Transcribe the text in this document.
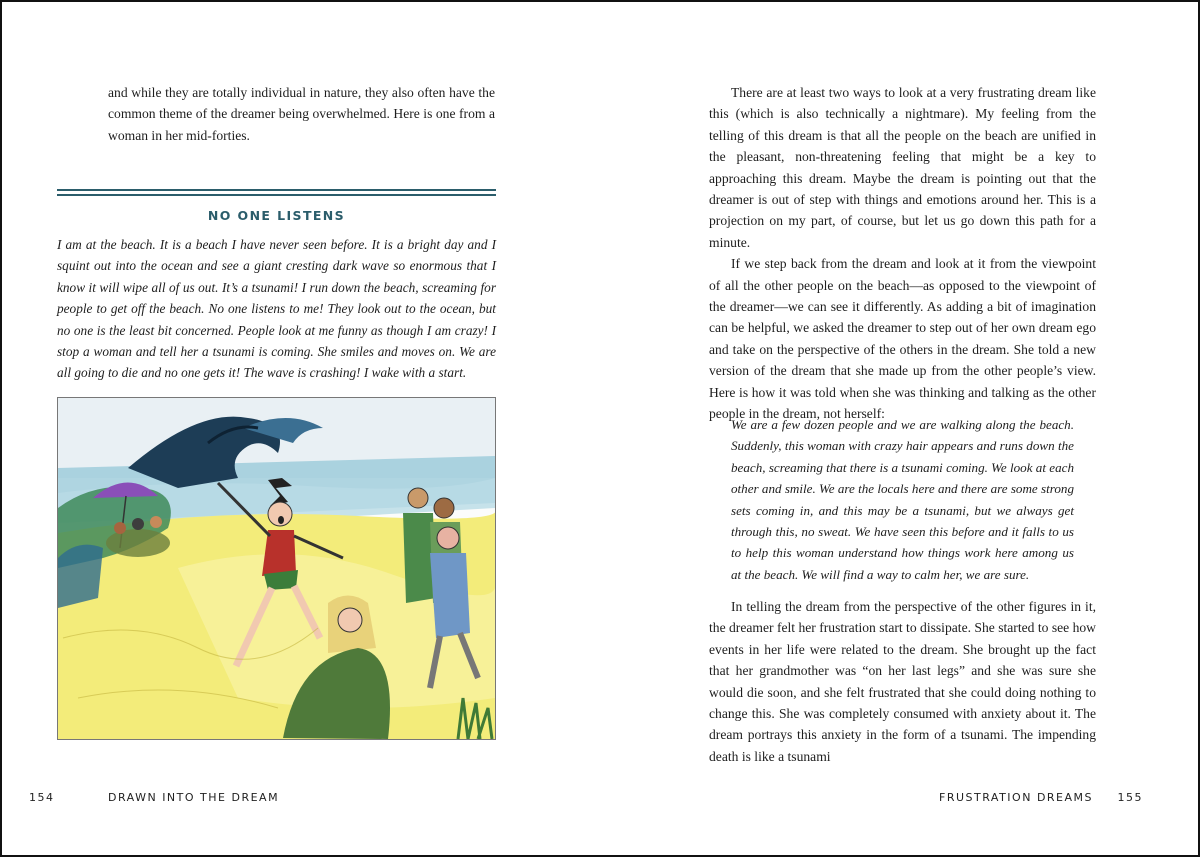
and while they are totally individual in nature, they also often have the common theme of the dreamer being overwhelmed. Here is one from a woman in her mid-forties.

NO ONE LISTENS

I am at the beach. It is a beach I have never seen before. It is a bright day and I squint out into the ocean and see a giant cresting dark wave so enormous that I know it will wipe all of us out. It’s a tsunami! I run down the beach, screaming for people to get off the beach. No one listens to me! They look out to the ocean, but no one is the least bit concerned. People look at me funny as though I am crazy! I stop a woman and tell her a tsunami is coming. She smiles and moves on. We are all going to die and no one gets it! The wave is crashing! I wake with a start.

154	DRAWN INTO THE DREAM

There are at least two ways to look at a very frustrating dream like this (which is also technically a nightmare). My feeling from the telling of this dream is that all the people on the beach are unified in the pleasant, non-threatening feeling that might be a key to approaching this dream. Maybe the dream is pointing out that the dreamer is out of step with things and emotions around her. This is a projection on my part, of course, but let us go down this path for a minute.

If we step back from the dream and look at it from the viewpoint of all the other people on the beach—as opposed to the viewpoint of the dreamer—we can see it differently. As adding a bit of imagination can be helpful, we asked the dreamer to step out of her own dream ego and take on the perspective of the others in the dream. She told a new version of the dream that she made up from the other people’s view. Here is how it was told when she was thinking and talking as the other people in the dream, not herself:

We are a few dozen people and we are walking along the beach. Suddenly, this woman with crazy hair appears and runs down the beach, screaming that there is a tsunami coming. We look at each other and smile. We are the locals here and there are some strong sets coming in, and this may be a tsunami, but we always get through this, no sweat. We have seen this before and it falls to us to help this woman understand how things work here among us at the beach. We will find a way to calm her, we are sure.

In telling the dream from the perspective of the other figures in it, the dreamer felt her frustration start to dissipate. She started to see how events in her life were related to the dream. She brought up the fact that her grandmother was “on her last legs” and she was sure she would die soon, and she felt frustrated that she could doing nothing to change this. She was completely consumed with anxiety about it. The dream portrays this anxiety in the form of a tsunami. The impending death is like a tsunami

FRUSTRATION DREAMS 155
